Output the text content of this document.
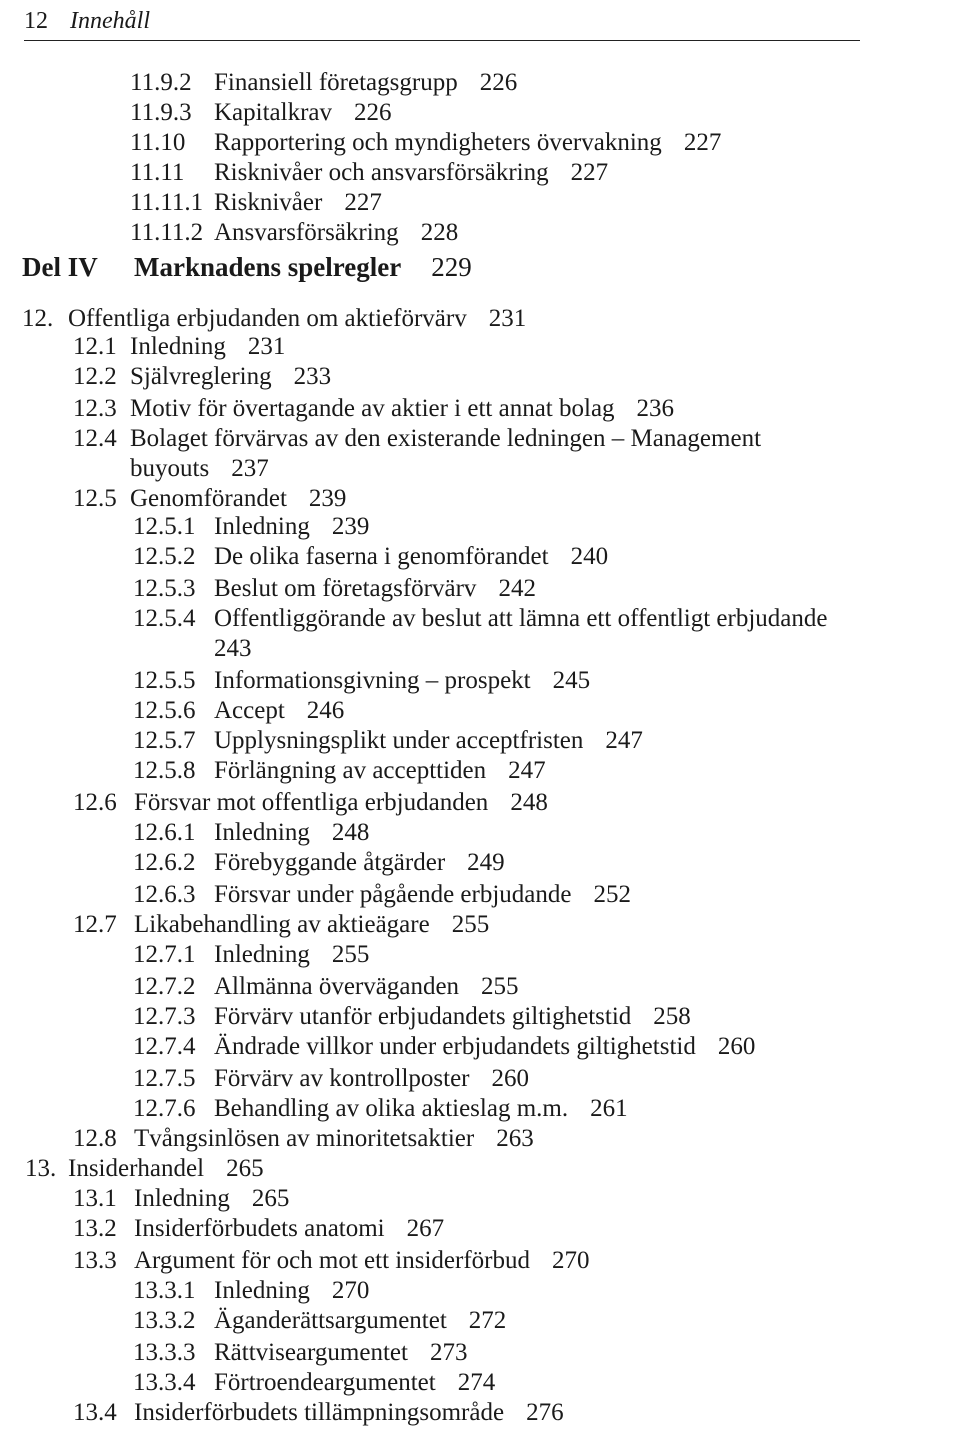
12 Innehåll
11.9.2 Finansiell företagsgrupp 226
11.9.3 Kapitalkrav 226
11.10 Rapportering och myndigheters övervakning 227
11.11 Risknivåer och ansvarsförsäkring 227
11.11.1 Risknivåer 227
11.11.2 Ansvarsförsäkring 228
Del IV Marknadens spelregler 229
12. Offentliga erbjudanden om aktieförvärv 231
12.1 Inledning 231
12.2 Självreglering 233
12.3 Motiv för övertagande av aktier i ett annat bolag 236
12.4 Bolaget förvärvas av den existerande ledningen – Management
buyouts 237
12.5 Genomförandet 239
12.5.1 Inledning 239
12.5.2 De olika faserna i genomförandet 240
12.5.3 Beslut om företagsförvärv 242
12.5.4 Offentliggörande av beslut att lämna ett offentligt erbjudande
243
12.5.5 Informationsgivning – prospekt 245
12.5.6 Accept 246
12.5.7 Upplysningsplikt under acceptfristen 247
12.5.8 Förlängning av accepttiden 247
12.6 Försvar mot offentliga erbjudanden 248
12.6.1 Inledning 248
12.6.2 Förebyggande åtgärder 249
12.6.3 Försvar under pågående erbjudande 252
12.7 Likabehandling av aktieägare 255
12.7.1 Inledning 255
12.7.2 Allmänna överväganden 255
12.7.3 Förvärv utanför erbjudandets giltighetstid 258
12.7.4 Ändrade villkor under erbjudandets giltighetstid 260
12.7.5 Förvärv av kontrollposter 260
12.7.6 Behandling av olika aktieslag m.m. 261
12.8 Tvångsinlösen av minoritetsaktier 263
13. Insiderhandel 265
13.1 Inledning 265
13.2 Insiderförbudets anatomi 267
13.3 Argument för och mot ett insiderförbud 270
13.3.1 Inledning 270
13.3.2 Äganderättsargumentet 272
13.3.3 Rättviseargumentet 273
13.3.4 Förtroendeargumentet 274
13.4 Insiderförbudets tillämpningsområde 276
